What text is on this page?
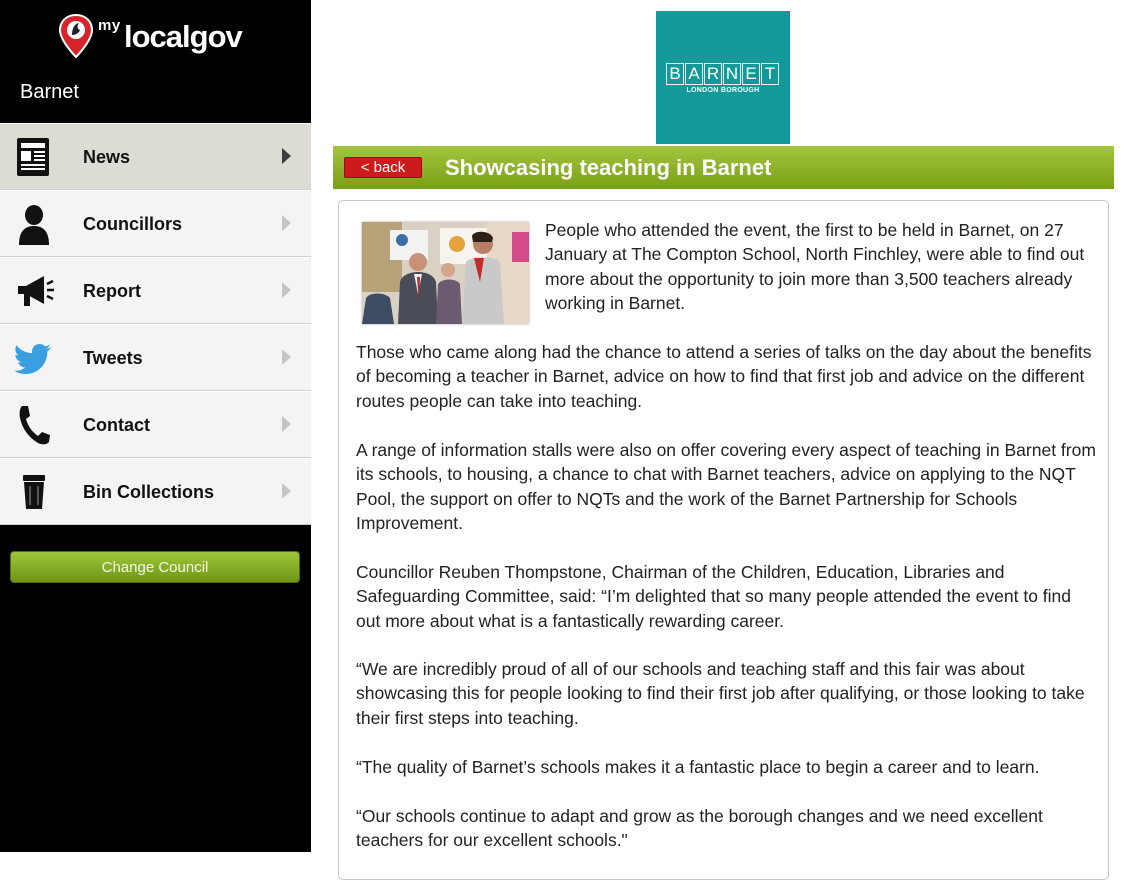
my localgov
Barnet
News
Councillors
Report
Tweets
Contact
Bin Collections
Change Council
B A R N E T
LONDON BOROUGH
< back	Showcasing teaching in Barnet
People who attended the event, the first to be held in Barnet, on 27 January at The Compton School, North Finchley, were able to find out more about the opportunity to join more than 3,500 teachers already working in Barnet.
Those who came along had the chance to attend a series of talks on the day about the benefits of becoming a teacher in Barnet, advice on how to find that first job and advice on the different routes people can take into teaching.
A range of information stalls were also on offer covering every aspect of teaching in Barnet from its schools, to housing, a chance to chat with Barnet teachers, advice on applying to the NQT Pool, the support on offer to NQTs and the work of the Barnet Partnership for Schools Improvement.
Councillor Reuben Thompstone, Chairman of the Children, Education, Libraries and Safeguarding Committee, said: “I’m delighted that so many people attended the event to find out more about what is a fantastically rewarding career.
“We are incredibly proud of all of our schools and teaching staff and this fair was about showcasing this for people looking to find their first job after qualifying, or those looking to take their first steps into teaching.
“The quality of Barnet’s schools makes it a fantastic place to begin a career and to learn.
“Our schools continue to adapt and grow as the borough changes and we need excellent teachers for our excellent schools."
